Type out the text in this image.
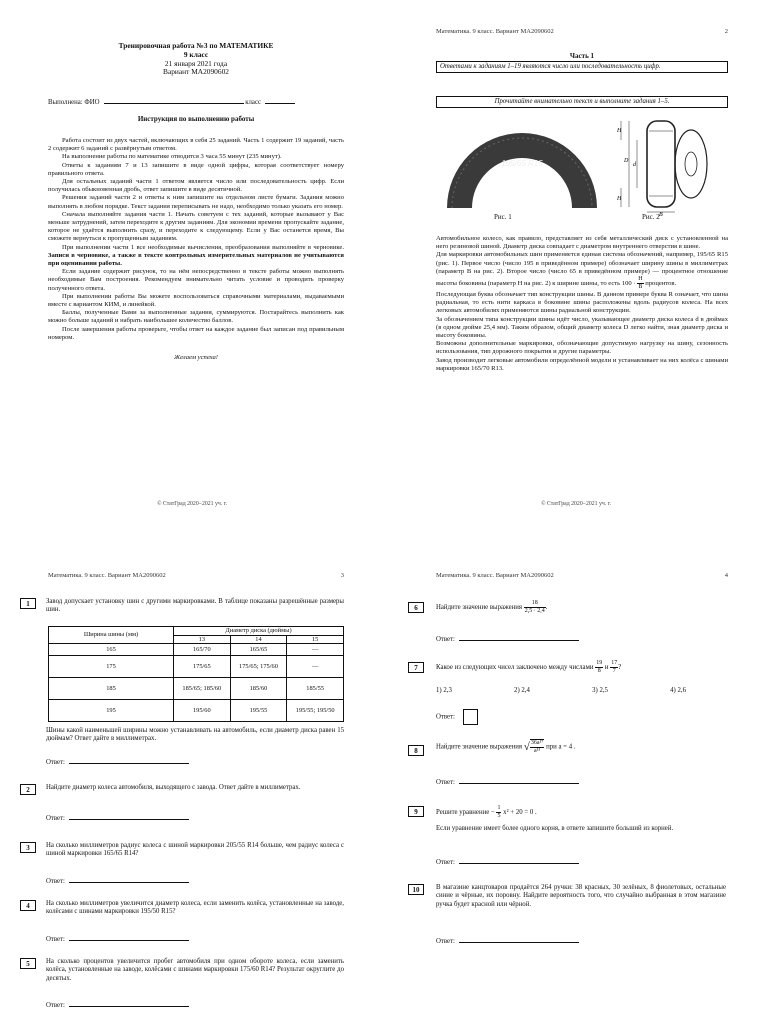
Тренировочная работа №3 по МАТЕМАТИКЕ
9 класс
21 января 2021 года
Вариант МА2090602
Выполнена: ФИО	класс
Инструкция по выполнению работы

Работа состоит из двух частей, включающих в себя 25 заданий. Часть 1 содержит 19 заданий, часть 2 содержит 6 заданий с развёрнутым ответом.

На выполнение работы по математике отводится 3 часа 55 минут (235 минут).

Ответы к заданиям 7 и 13 запишите в виде одной цифры, которая соответствует номеру правильного ответа.

Для остальных заданий части 1 ответом является число или последовательность цифр. Если получилась обыкновенная дробь, ответ запишите в виде десятичной.

Решения заданий части 2 и ответы к ним запишите на отдельном листе бумаги. Задания можно выполнять в любом порядке. Текст задания переписывать не надо, необходимо только указать его номер.

Сначала выполняйте задания части 1. Начать советуем с тех заданий, которые вызывают у Вас меньше затруднений, затем переходите к другим заданиям. Для экономии времени пропускайте задание, которое не удаётся выполнить сразу, и переходите к следующему. Если у Вас останется время, Вы сможете вернуться к пропущенным заданиям.

При выполнении части 1 все необходимые вычисления, преобразования выполняйте в черновике. Записи в черновике, а также в тексте контрольных измерительных материалов не учитываются при оценивании работы.

Если задание содержит рисунок, то на нём непосредственно в тексте работы можно выполнять необходимые Вам построения. Рекомендуем внимательно читать условие и проводить проверку полученного ответа.

При выполнении работы Вы можете воспользоваться справочными материалами, выдаваемыми вместе с вариантом КИМ, и линейкой.

Баллы, полученные Вами за выполненные задания, суммируются. Постарайтесь выполнить как можно больше заданий и набрать наибольшее количество баллов.

После завершения работы проверьте, чтобы ответ на каждое задание был записан под правильным номером.

Желаем успеха!

© СтатГрад 2020−2021 уч. г.
Математика. 9 класс. Вариант МА2090602	2
Часть 1
Ответами к заданиям 1–19 являются число или последовательность цифр.
Прочитайте внимательно текст и выполните задания 1–5.
195/65 R15
Рис. 1
H
d
D
H
B
Рис. 2

Автомобильное колесо, как правило, представляет из себя металлический диск с установленной на него резиновой шиной. Диаметр диска совпадает с диаметром внутреннего отверстия в шине.

Для маркировки автомобильных шин применяется единая система обозначений, например, 195/65 R15 (рис. 1). Первое число (число 195 в приведённом примере) обозначает ширину шины в миллиметрах (параметр B на рис. 2). Второе число (число 65 в приведённом примере) — процентное отношение высоты боковины (параметр H на рис. 2) к ширине шины, то есть $100 \cdot \frac{H}{B}$ процентов.

Последующая буква обозначает тип конструкции шины. В данном примере буква R означает, что шина радиальная, то есть нити каркаса в боковине шины расположены вдоль радиусов колеса. На всех легковых автомобилях применяются шины радиальной конструкции.

За обозначением типа конструкции шины идёт число, указывающее диаметр диска колеса d в дюймах (в одном дюйме 25,4 мм). Таким образом, общий диаметр колеса D легко найти, зная диаметр диска и высоту боковины.

Возможны дополнительные маркировки, обозначающие допустимую нагрузку на шину, сезонность использования, тип дорожного покрытия и другие параметры.

Завод производит легковые автомобили определённой модели и устанавливает на них колёса с шинами маркировки 165/70 R13.

© СтатГрад 2020−2021 уч. г.
Математика. 9 класс. Вариант МА2090602	3
1	Завод допускает установку шин с другими маркировками. В таблице показаны разрешённые размеры шин.
Ширина шины (мм)	Диаметр диска (дюймы)		
	13	14	15
165	165/70	165/65	—
175	175/65	175/65; 175/60	—
185	185/65; 185/60	185/60	185/55
195	195/60	195/55	195/55; 195/50
Шины какой наименьшей ширины можно устанавливать на автомобиль, если диаметр диска равен 15 дюймам? Ответ дайте в миллиметрах.
Ответ:
2	Найдите диаметр колеса автомобиля, выходящего с завода. Ответ дайте в миллиметрах.
Ответ:
3	На сколько миллиметров радиус колеса с шиной маркировки 205/55 R14 больше, чем радиус колеса с шиной маркировки 165/65 R14?
Ответ:
4	На сколько миллиметров увеличится диаметр колеса, если заменить колёса, установленные на заводе, колёсами с шинами маркировки 195/50 R15?
Ответ:
5	На сколько процентов увеличится пробег автомобиля при одном обороте колеса, если заменить колёса, установленные на заводе, колёсами с шинами маркировки 175/60 R14? Результат округлите до десятых.
Ответ:
Математика. 9 класс. Вариант МА2090602	4
6	Найдите значение выражения $\frac{18}{2,5 \cdot 2,4}$ .
Ответ:
7	Какое из следующих чисел заключено между числами $\frac{19}{8}$ и $\frac{17}{7}$ ?
1) 2,3	2) 2,4	3) 2,5	4) 2,6
Ответ:
8	Найдите значение выражения √ $\frac{\text{36a¹⁷}}{\text{a¹³}}$ при a = 4 .
Ответ:
9	Решите уравнение − $\frac{1}{5} x^2 + 20 = 0$ .
Если уравнение имеет более одного корня, в ответе запишите больший из корней.
Ответ:
10	В магазине канцтоваров продаётся 264 ручки: 38 красных, 30 зелёных, 8 фиолетовых, остальные синие и чёрные, их поровну. Найдите вероятность того, что случайно выбранная в этом магазине ручка будет красной или чёрной.
Ответ:
